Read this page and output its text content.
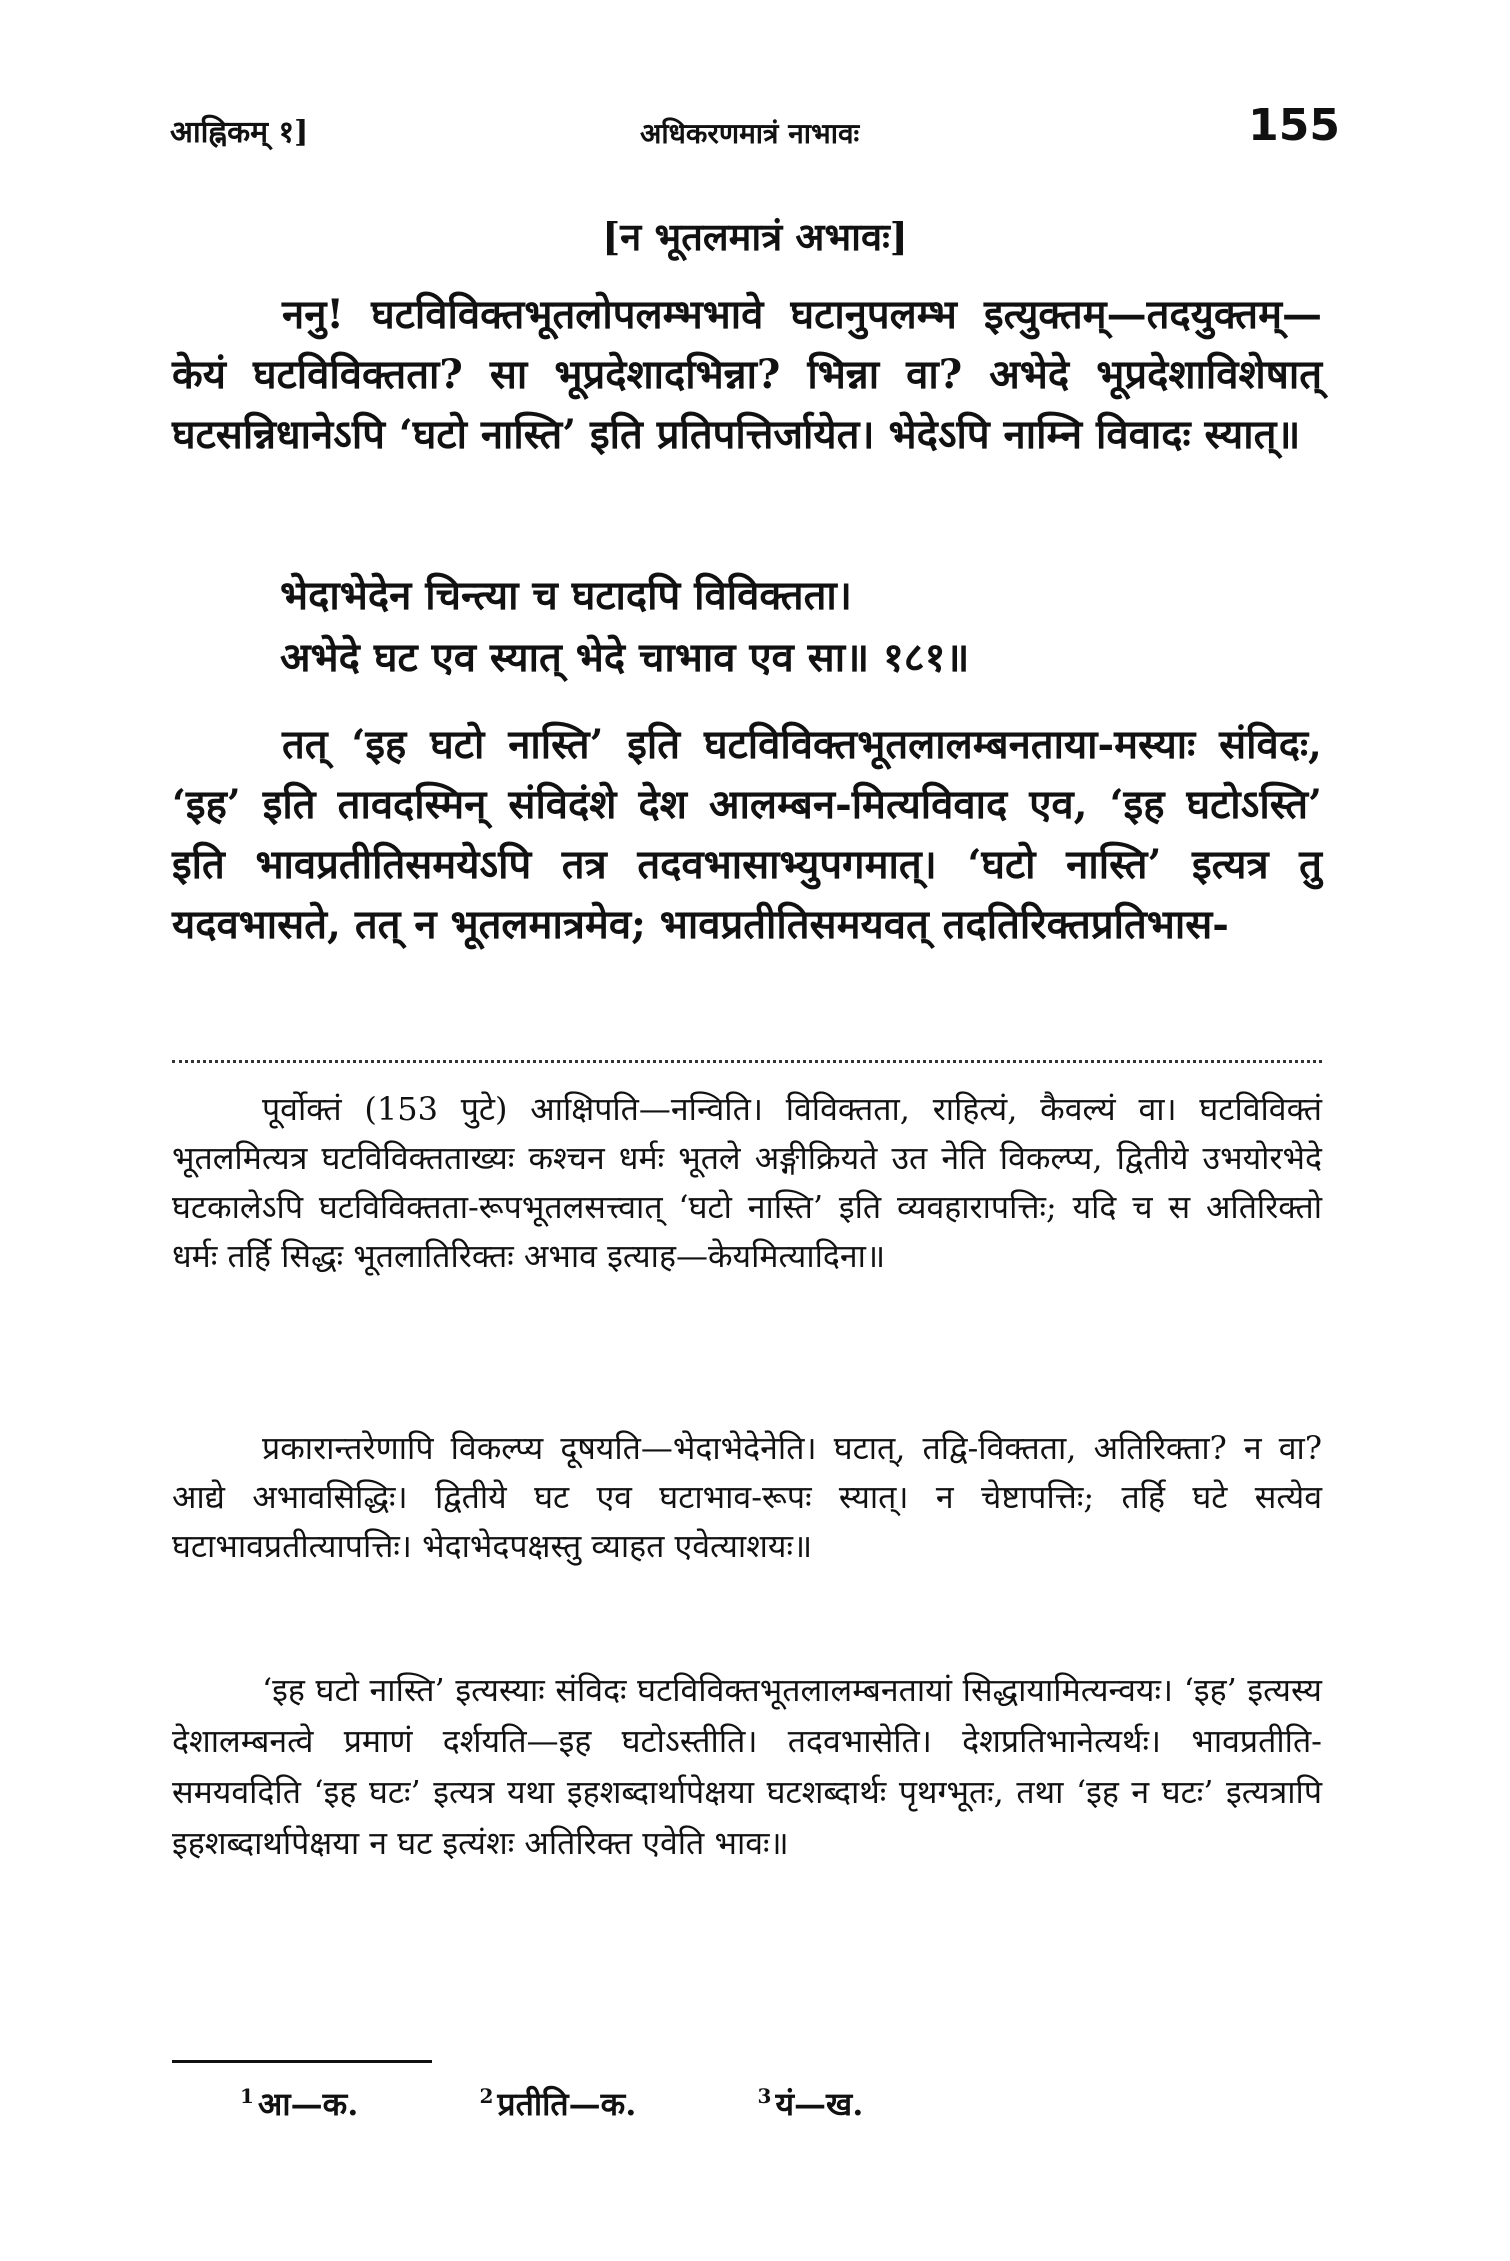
आह्निकम् १]	अधिकरणमात्रं नाभावः	155
[न भूतलमात्रं अभावः]

ननु! घटविविक्तभूतलोपलम्भभावे घटानुपलम्भ इत्युक्तम्—तदयुक्तम्—केयं घटविविक्तता? सा भूप्रदेशादभिन्ना? भिन्ना वा? अभेदे भूप्रदेशाविशेषात् घटसन्निधानेऽपि ‘घटो नास्ति’ इति प्रतिपत्तिर्जायेत। भेदेऽपि नाम्नि विवादः स्यात्॥

भेदाभेदेन चिन्त्या च घटादपि विविक्तता।
अभेदे घट एव स्यात् भेदे चाभाव एव सा॥ १८१॥

तत् ‘इह घटो नास्ति’ इति घटविविक्तभूतलालम्बनताया-मस्याः संविदः, ‘इह’ इति तावदस्मिन् संविदंशे देश आलम्बन-मित्यविवाद एव, ‘इह घटोऽस्ति’ इति भावप्रतीतिसमयेऽपि तत्र तदवभासाभ्युपगमात्। ‘घटो नास्ति’ इत्यत्र तु यदवभासते, तत् न भूतलमात्रमेव; भावप्रतीतिसमयवत् तदतिरिक्तप्रतिभास-

पूर्वोक्तं (153 पुटे) आक्षिपति—नन्विति। विविक्तता, राहित्यं, कैवल्यं वा। घटविविक्तं भूतलमित्यत्र घटविविक्तताख्यः कश्चन धर्मः भूतले अङ्गीक्रियते उत नेति विकल्प्य, द्वितीये उभयोरभेदे घटकालेऽपि घटविविक्तता-रूपभूतलसत्त्वात् ‘घटो नास्ति’ इति व्यवहारापत्तिः; यदि च स अतिरिक्तो धर्मः तर्हि सिद्धः भूतलातिरिक्तः अभाव इत्याह—केयमित्यादिना॥

प्रकारान्तरेणापि विकल्प्य दूषयति—भेदाभेदेनेति। घटात्, तद्वि-विक्तता, अतिरिक्ता? न वा? आद्ये अभावसिद्धिः। द्वितीये घट एव घटाभाव-रूपः स्यात्। न चेष्टापत्तिः; तर्हि घटे सत्येव घटाभावप्रतीत्यापत्तिः। भेदाभेदपक्षस्तु व्याहत एवेत्याशयः॥

‘इह घटो नास्ति’ इत्यस्याः संविदः घटविविक्तभूतलालम्बनतायां सिद्धायामित्यन्वयः। ‘इह’ इत्यस्य देशालम्बनत्वे प्रमाणं दर्शयति—इह घटोऽस्तीति। तदवभासेति। देशप्रतिभानेत्यर्थः। भावप्रतीति-समयवदिति ‘इह घटः’ इत्यत्र यथा इहशब्दार्थापेक्षया घटशब्दार्थः पृथग्भूतः, तथा ‘इह न घटः’ इत्यत्रापि इहशब्दार्थापेक्षया न घट इत्यंशः अतिरिक्त एवेति भावः॥

$^1$ आ—क.	$^2$ प्रतीति—क.	$^3$ यं—ख.
